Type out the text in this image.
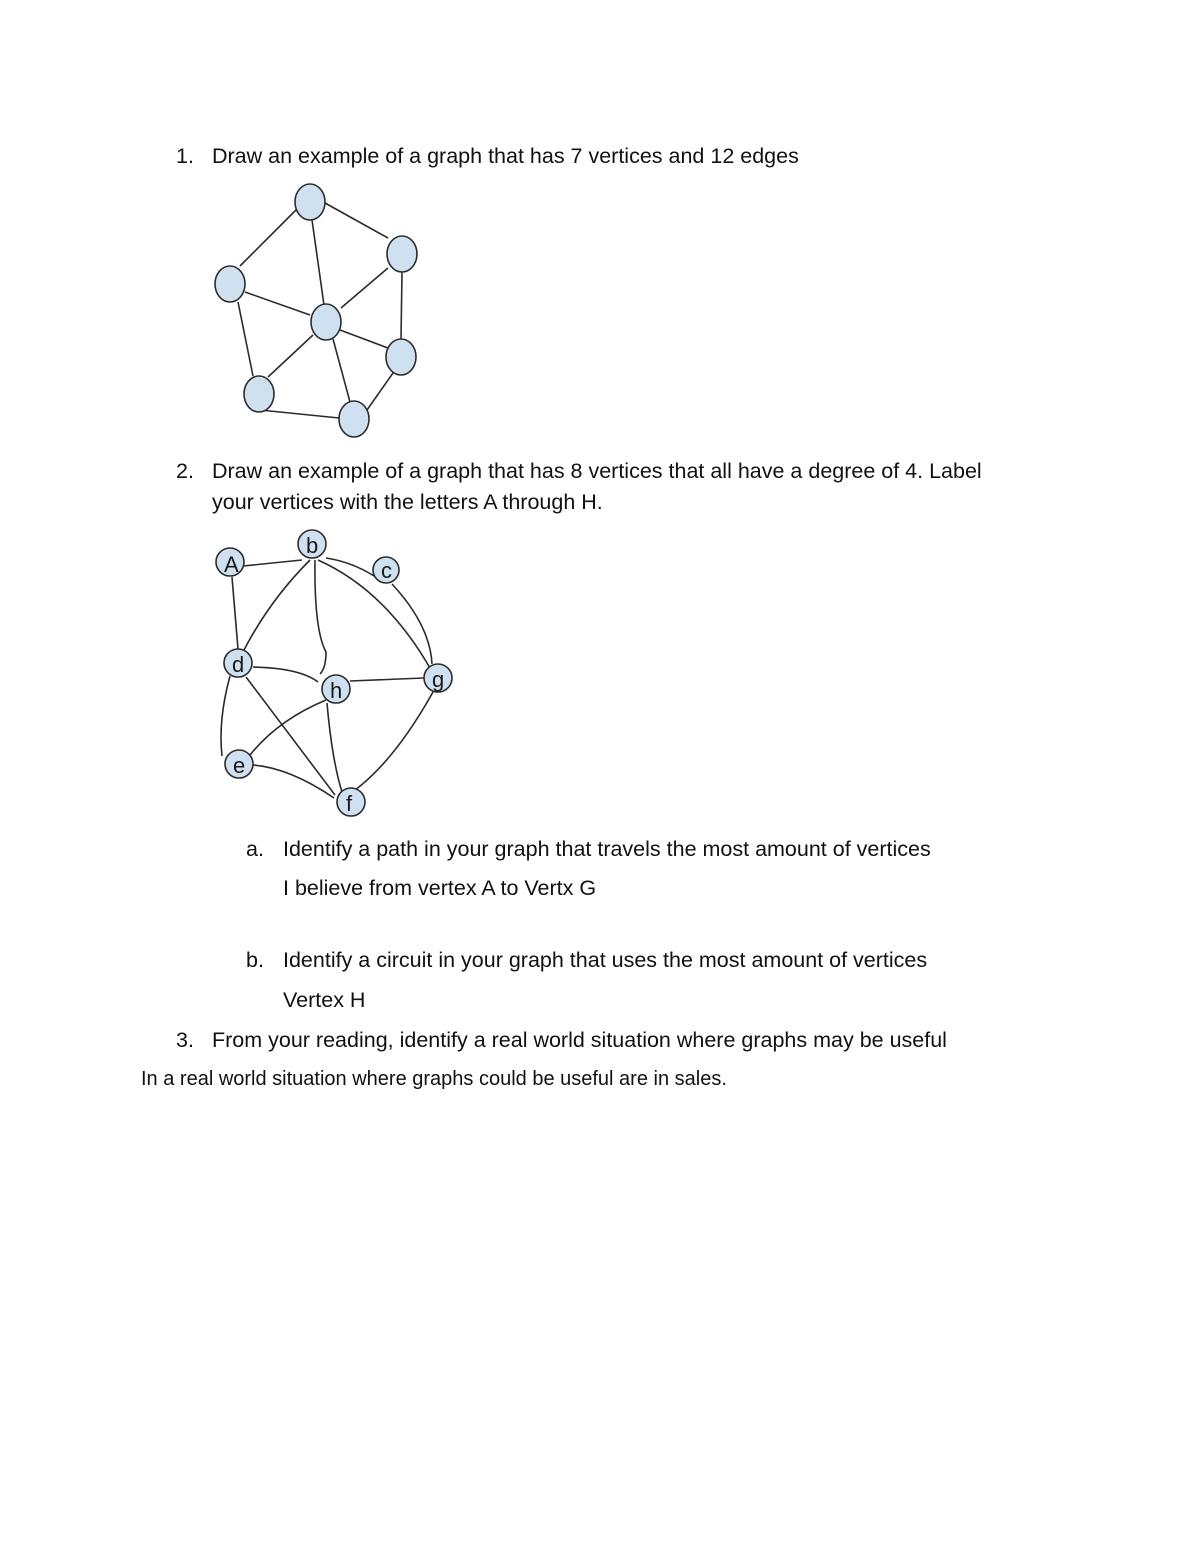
1. Draw an example of a graph that has 7 vertices and 12 edges
2. Draw an example of a graph that has 8 vertices that all have a degree of 4. Label
your vertices with the letters A through H.
A
b
c
d
h	g
e
f
a. Identify a path in your graph that travels the most amount of vertices
I believe from vertex A to Vertx G
b. Identify a circuit in your graph that uses the most amount of vertices
Vertex H
3. From your reading, identify a real world situation where graphs may be useful
In a real world situation where graphs could be useful are in sales.
